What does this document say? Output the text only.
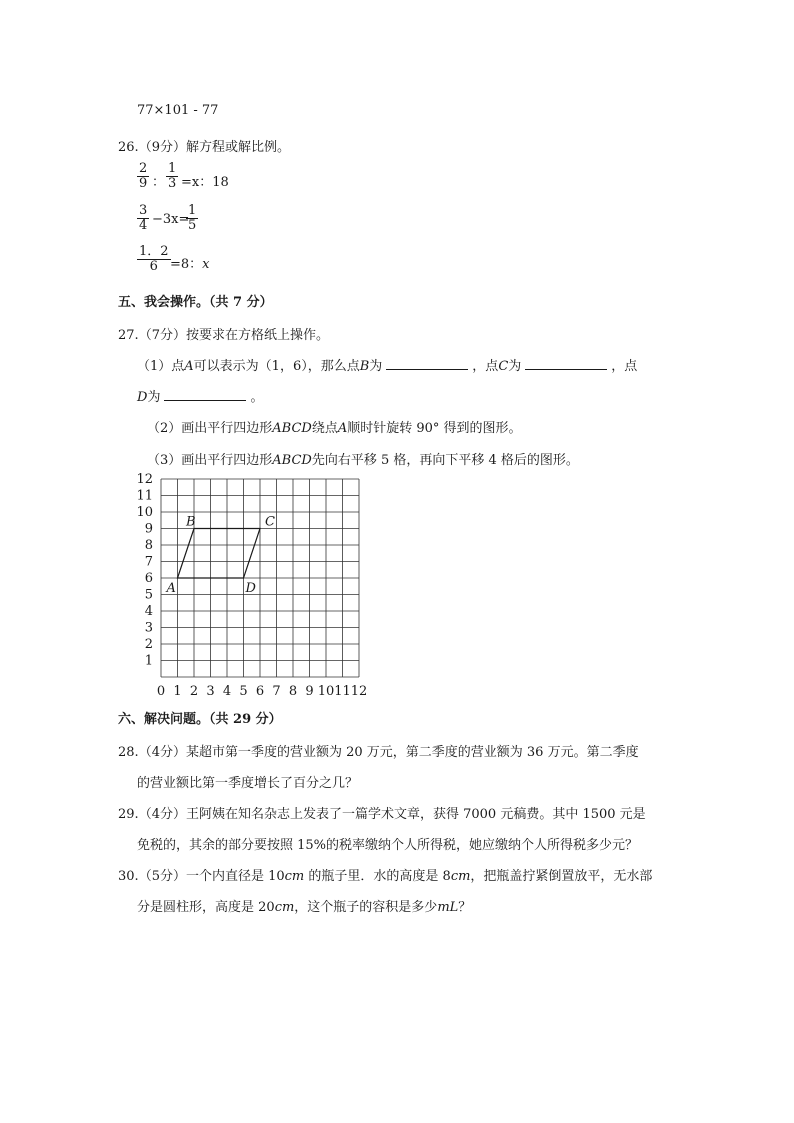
77×101 - 77
26.（9分）解方程或解比例。
$\frac{2}{9}$ ： $\frac{1}{3} =x$：18
$\frac{3}{4} -3x=$
$\frac{1}{5}$
$\frac{1.2}{6} =8$：x
五、我会操作。（共 7 分）
27.（7分）按要求在方格纸上操作。
（1）点A可以表示为（1，6），那么点B为	，点C为	，点
D为	。
（2）画出平行四边形ABCD绕点A顺时针旋转 90° 得到的图形。
（3）画出平行四边形ABCD先向右平移 5 格，再向下平移 4 格后的图形。
12
11
10
9
8
7
6
5
4
3
2
1
0 1 2 3 4 5 6 7 8 9 10 11 12
A
B	C
D
六、解决问题。（共 29 分）
28.（4分）某超市第一季度的营业额为 20 万元，第二季度的营业额为 36 万元。第二季度
的营业额比第一季度增长了百分之几？
29.（4分）王阿姨在知名杂志上发表了一篇学术文章，获得 7000 元稿费。其中 1500 元是
免税的，其余的部分要按照 15%的税率缴纳个人所得税，她应缴纳个人所得税多少元？
30.（5分）一个内直径是 10cm 的瓶子里．水的高度是 8cm，把瓶盖拧紧倒置放平，无水部
分是圆柱形，高度是 20cm，这个瓶子的容积是多少mL？
